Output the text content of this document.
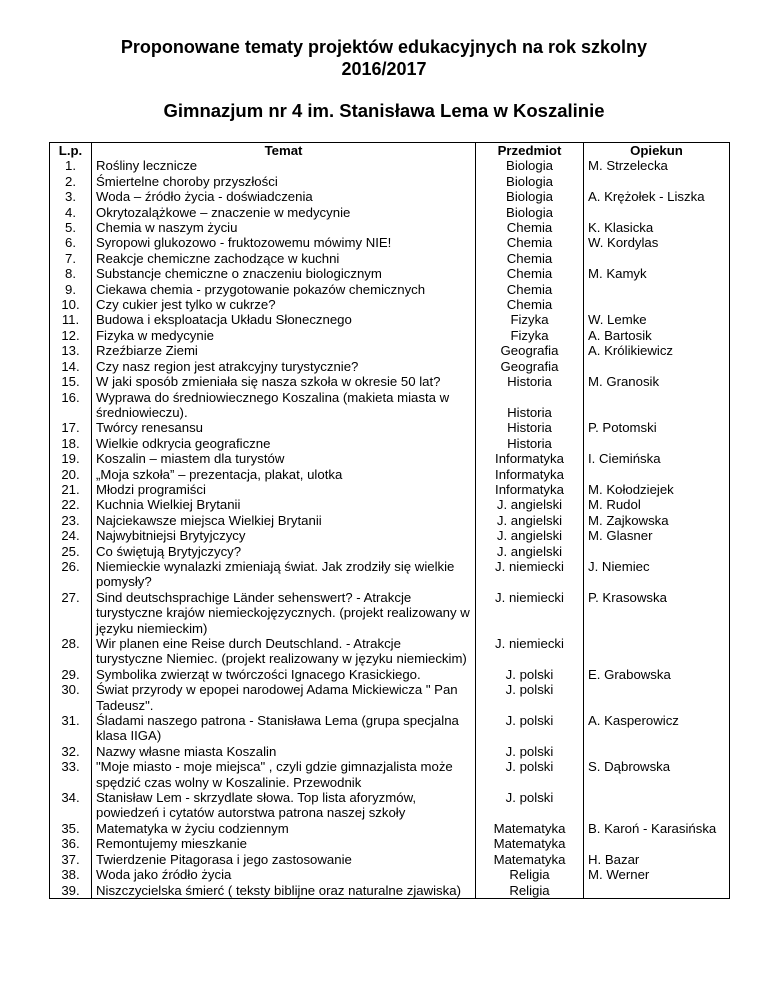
Proponowane tematy projektów edukacyjnych na rok szkolny
2016/2017
Gimnazjum nr 4 im. Stanisława Lema w Koszalinie
L.p.	Temat	Przedmiot	Opiekun
1.	Rośliny lecznicze	Biologia	M. Strzelecka
2.	Śmiertelne choroby przyszłości	Biologia	
3.	Woda – źródło życia - doświadczenia	Biologia	A. Krężołek - Liszka
4.	Okrytozalążkowe – znaczenie w medycynie	Biologia	
5.	Chemia w naszym życiu	Chemia	K. Klasicka
6.	Syropowi glukozowo - fruktozowemu mówimy NIE!	Chemia	W. Kordylas
7.	Reakcje chemiczne zachodzące w kuchni	Chemia	
8.	Substancje chemiczne o znaczeniu biologicznym	Chemia	M. Kamyk
9.	Ciekawa chemia - przygotowanie pokazów chemicznych	Chemia	
10.	Czy cukier jest tylko w cukrze?	Chemia	
11.	Budowa i eksploatacja Układu Słonecznego	Fizyka	W. Lemke
12.	Fizyka w medycynie	Fizyka	A. Bartosik
13.	Rzeźbiarze Ziemi	Geografia	A. Królikiewicz
14.	Czy nasz region jest atrakcyjny turystycznie?	Geografia	
15.	W jaki sposób zmieniała się nasza szkoła w okresie 50 lat?	Historia	M. Granosik
16.	Wyprawa do średniowiecznego Koszalina (makieta miasta w średniowieczu).	Historia	
17.	Twórcy renesansu	Historia	P. Potomski
18.	Wielkie odkrycia geograficzne	Historia	
19.	Koszalin – miastem dla turystów	Informatyka	I. Ciemińska
20.	„Moja szkoła” – prezentacja, plakat, ulotka	Informatyka	
21.	Młodzi programiści	Informatyka	M. Kołodziejek
22.	Kuchnia Wielkiej Brytanii	J. angielski	M. Rudol
23.	Najciekawsze miejsca Wielkiej Brytanii	J. angielski	M. Zajkowska
24.	Najwybitniejsi Brytyjczycy	J. angielski	M. Glasner
25.	Co świętują Brytyjczycy?	J. angielski	
26.	Niemieckie wynalazki zmieniają świat. Jak zrodziły się wielkie pomysły?	J. niemiecki	J. Niemiec
27.	Sind deutschsprachige Länder sehenswert? - Atrakcje turystyczne krajów niemieckojęzycznych. (projekt realizowany w języku niemieckim)	J. niemiecki	P. Krasowska
28.	Wir planen eine Reise durch Deutschland. - Atrakcje turystyczne Niemiec. (projekt realizowany w języku niemieckim)	J. niemiecki	
29.	Symbolika zwierząt w twórczości Ignacego Krasickiego.	J. polski	E. Grabowska
30.	Świat przyrody w epopei narodowej Adama Mickiewicza " Pan Tadeusz".	J. polski	
31.	Śladami naszego patrona - Stanisława Lema (grupa specjalna klasa IIGA)	J. polski	A. Kasperowicz
32.	Nazwy własne miasta Koszalin	J. polski	
33.	"Moje miasto - moje miejsca" , czyli gdzie gimnazjalista może spędzić czas wolny w Koszalinie. Przewodnik	J. polski	S. Dąbrowska
34.	Stanisław Lem - skrzydlate słowa. Top lista aforyzmów, powiedzeń i cytatów autorstwa patrona naszej szkoły	J. polski	
35.	Matematyka w życiu codziennym	Matematyka	B. Karoń - Karasińska
36.	Remontujemy mieszkanie	Matematyka	
37.	Twierdzenie Pitagorasa i jego zastosowanie	Matematyka	H. Bazar
38.	Woda jako źródło życia	Religia	M. Werner
39.	Niszczycielska śmierć ( teksty biblijne oraz naturalne zjawiska)	Religia	
